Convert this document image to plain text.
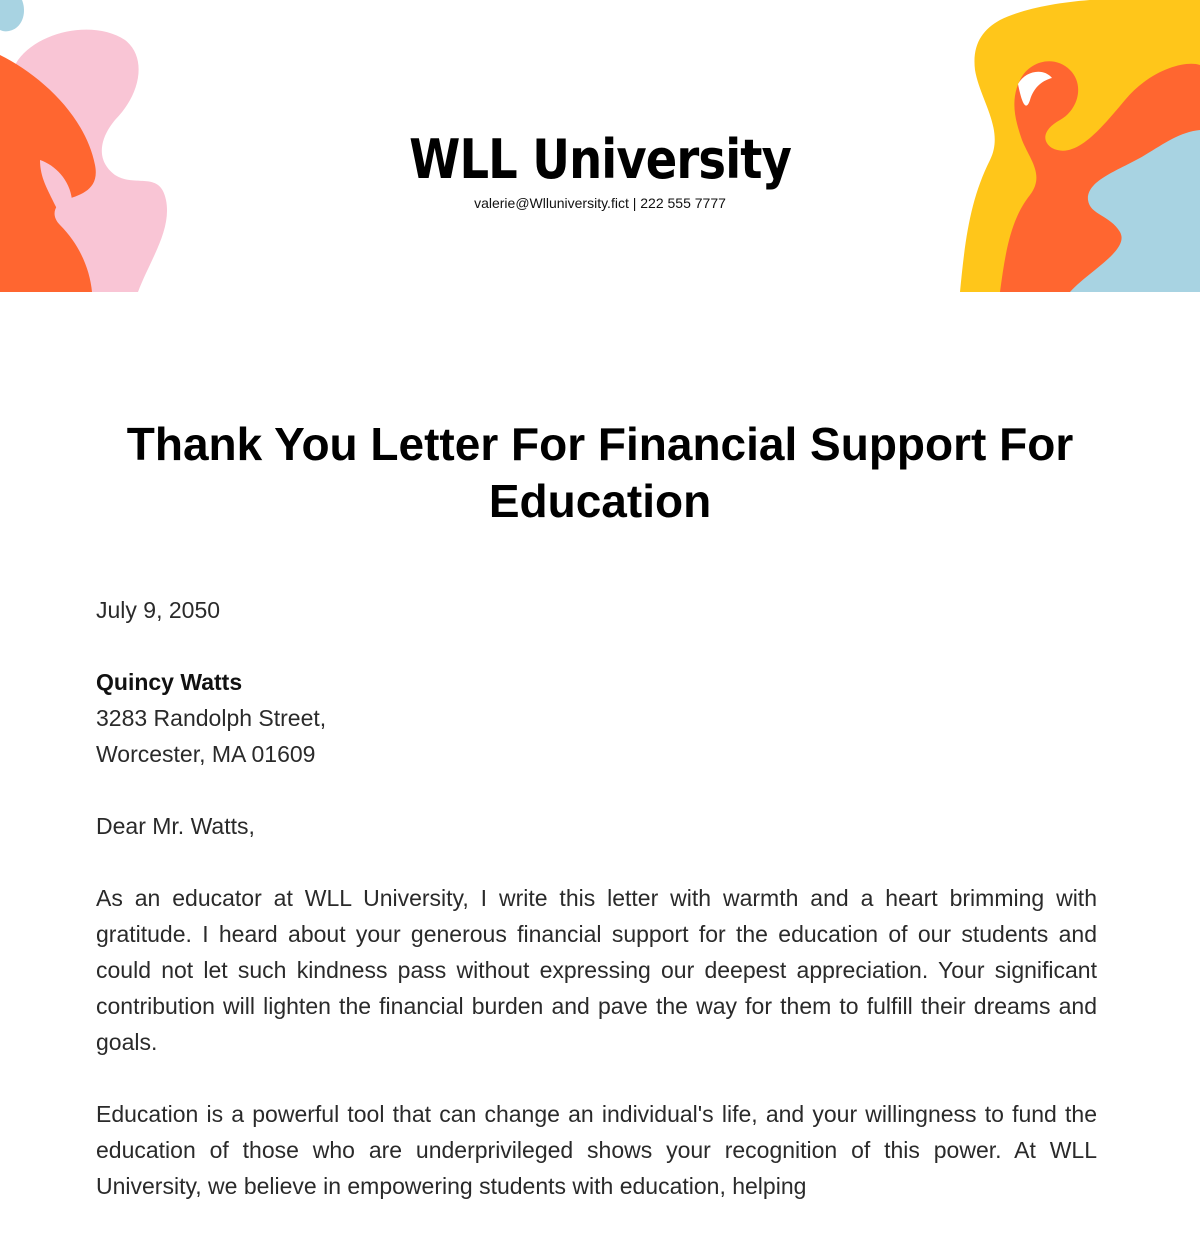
WLL University
valerie@Wlluniversity.fict | 222 555 7777
Thank You Letter For Financial Support For Education

July 9, 2050

Quincy Watts
3283 Randolph Street,
Worcester, MA 01609

Dear Mr. Watts,

As an educator at WLL University, I write this letter with warmth and a heart brimming with gratitude. I heard about your generous financial support for the education of our students and could not let such kindness pass without expressing our deepest appreciation. Your significant contribution will lighten the financial burden and pave the way for them to fulfill their dreams and goals.

Education is a powerful tool that can change an individual's life, and your willingness to fund the education of those who are underprivileged shows your recognition of this power. At WLL University, we believe in empowering students with education, helping
